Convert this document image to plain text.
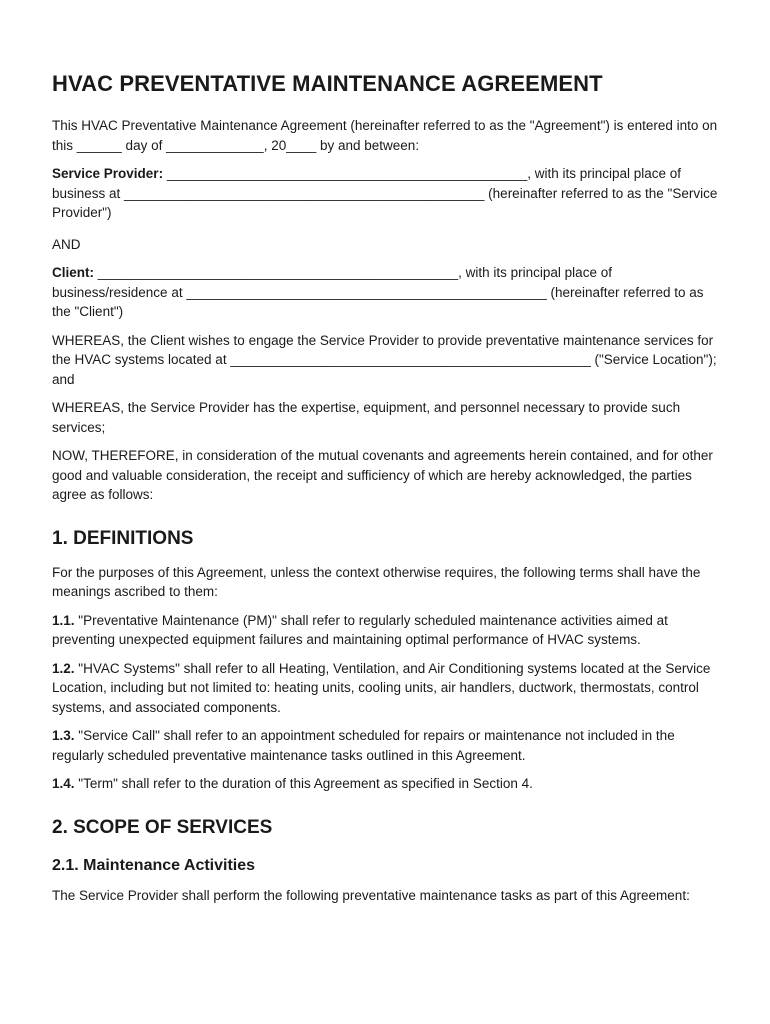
HVAC PREVENTATIVE MAINTENANCE AGREEMENT

This HVAC Preventative Maintenance Agreement (hereinafter referred to as the "Agreement") is entered into on this ______ day of _____________, 20____ by and between:

Service Provider: ________________________________________________, with its principal place of business at ________________________________________________ (hereinafter referred to as the "Service Provider")

AND

Client: ________________________________________________, with its principal place of business/residence at ________________________________________________ (hereinafter referred to as the "Client")

WHEREAS, the Client wishes to engage the Service Provider to provide preventative maintenance services for the HVAC systems located at ________________________________________________ ("Service Location"); and

WHEREAS, the Service Provider has the expertise, equipment, and personnel necessary to provide such services;

NOW, THEREFORE, in consideration of the mutual covenants and agreements herein contained, and for other good and valuable consideration, the receipt and sufficiency of which are hereby acknowledged, the parties agree as follows:

1. DEFINITIONS

For the purposes of this Agreement, unless the context otherwise requires, the following terms shall have the meanings ascribed to them:

1.1. "Preventative Maintenance (PM)" shall refer to regularly scheduled maintenance activities aimed at preventing unexpected equipment failures and maintaining optimal performance of HVAC systems.

1.2. "HVAC Systems" shall refer to all Heating, Ventilation, and Air Conditioning systems located at the Service Location, including but not limited to: heating units, cooling units, air handlers, ductwork, thermostats, control systems, and associated components.

1.3. "Service Call" shall refer to an appointment scheduled for repairs or maintenance not included in the regularly scheduled preventative maintenance tasks outlined in this Agreement.

1.4. "Term" shall refer to the duration of this Agreement as specified in Section 4.

2. SCOPE OF SERVICES
2.1. Maintenance Activities

The Service Provider shall perform the following preventative maintenance tasks as part of this Agreement:
